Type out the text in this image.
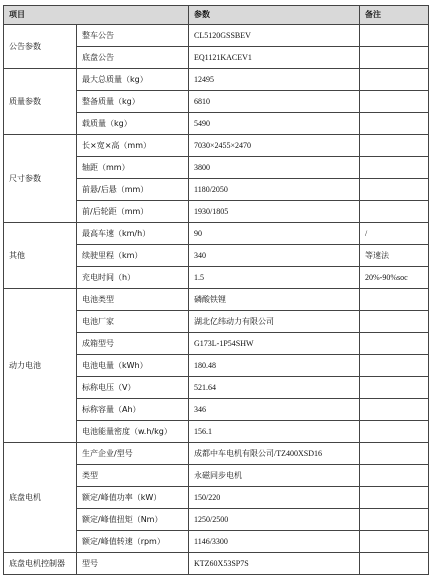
项目		参数	备注
公告参数	整车公告	CL5120GSSBEV	
	底盘公告	EQ1121KACEV1	
质量参数	最大总质量（kg）	12495	
	整备质量（kg）	6810	
	载质量（kg）	5490	
尺寸参数	长×宽×高（mm）	7030×2455×2470	
	轴距（mm）	3800	
	前悬/后悬（mm）	1180/2050	
	前/后轮距（mm）	1930/1805	
其他	最高车速（km/h）	90	/
	续驶里程（km）	340	等速法
	充电时间（h）	1.5	20%-90%soc
动力电池	电池类型	磷酸铁锂	
	电池厂家	湖北亿纬动力有限公司	
	成箱型号	G173L-1P54SHW	
	电池电量（kWh）	180.48	
	标称电压（V）	521.64	
	标称容量（Ah）	346	
	电池能量密度（w.h/kg）	156.1	
底盘电机	生产企业/型号	成都中车电机有限公司/TZ400XSD16	
	类型	永磁同步电机	
	额定/峰值功率（kW）	150/220	
	额定/峰值扭矩（Nm）	1250/2500	
	额定/峰值转速（rpm）	1146/3300	
底盘电机控制器	型号	KTZ60X53SP7S	
